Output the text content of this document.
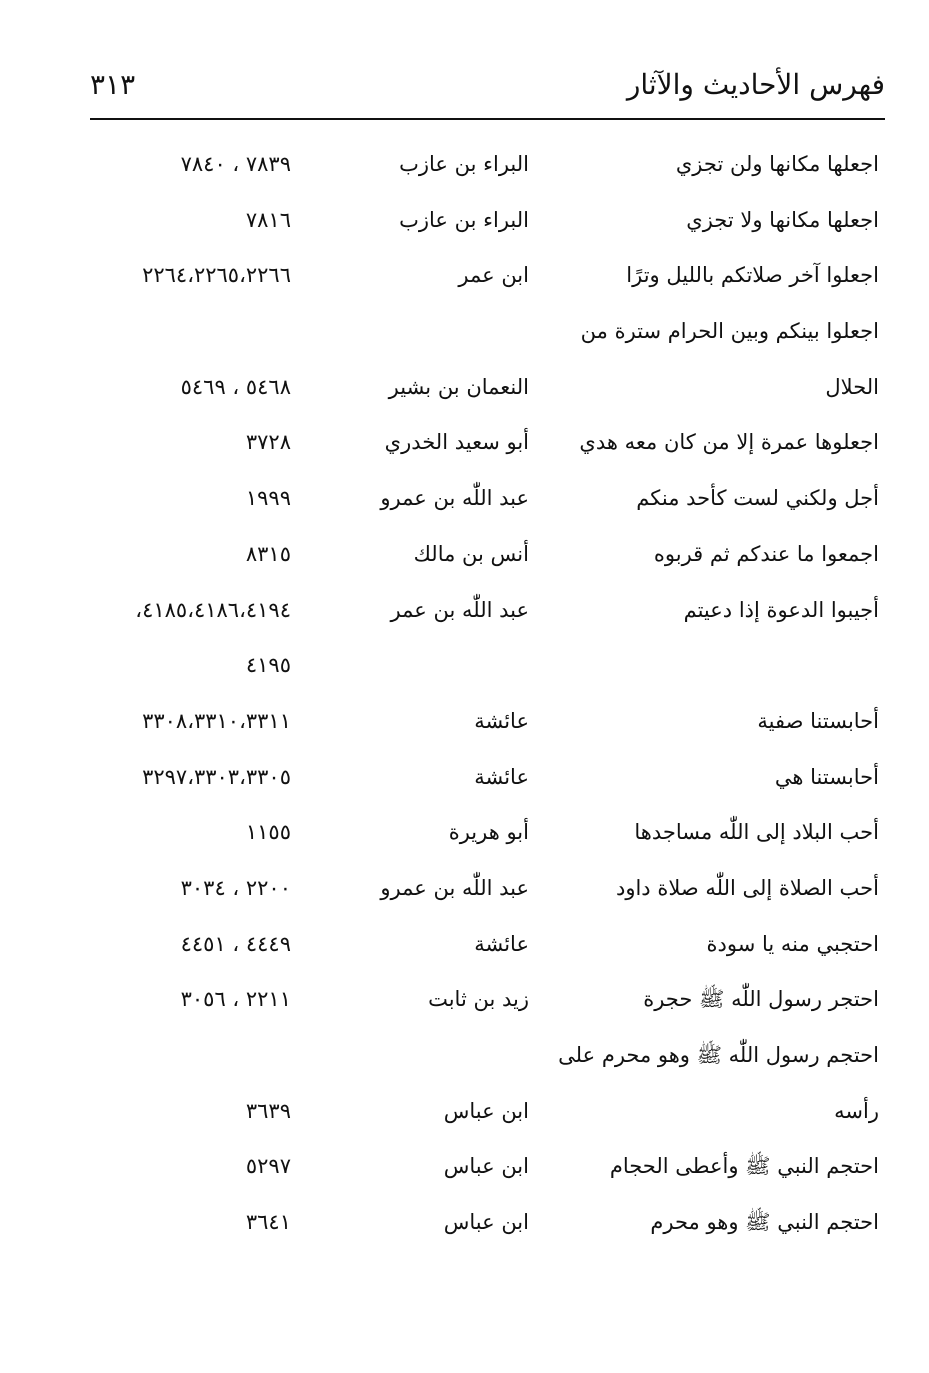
فهرس الأحاديث والآثار
٣١٣
اجعلها مكانها ولن تجزي
البراء بن عازب
٧٨٣٩ ، ٧٨٤٠
اجعلها مكانها ولا تجزي
البراء بن عازب
٧٨١٦
اجعلوا آخر صلاتكم بالليل وترًا
ابن عمر
٢٢٦٤،٢٢٦٥،٢٢٦٦
اجعلوا بينكم وبين الحرام سترة من
الحلال
النعمان بن بشير
٥٤٦٨ ، ٥٤٦٩
اجعلوها عمرة إلا من كان معه هدي
أبو سعيد الخدري
٣٧٢٨
أجل ولكني لست كأحد منكم
عبد اللّٰه بن عمرو
١٩٩٩
اجمعوا ما عندكم ثم قربوه
أنس بن مالك
٨٣١٥
أجيبوا الدعوة إذا دعيتم
عبد اللّٰه بن عمر
٤١٨٥،٤١٨٦،٤١٩٤،
٤١٩٥
أحابستنا صفية
عائشة
٣٣٠٨،٣٣١٠،٣٣١١
أحابستنا هي
عائشة
٣٢٩٧،٣٣٠٣،٣٣٠٥
أحب البلاد إلى اللّٰه مساجدها
أبو هريرة
١١٥٥
أحب الصلاة إلى اللّٰه صلاة داود
عبد اللّٰه بن عمرو
٢٢٠٠ ، ٣٠٣٤
احتجبي منه يا سودة
عائشة
٤٤٤٩ ، ٤٤٥١
احتجر رسول اللّٰه ﷺ حجرة
زيد بن ثابت
٢٢١١ ، ٣٠٥٦
احتجم رسول اللّٰه ﷺ وهو محرم على
رأسه
ابن عباس
٣٦٣٩
احتجم النبي ﷺ وأعطى الحجام
ابن عباس
٥٢٩٧
احتجم النبي ﷺ وهو محرم
ابن عباس
٣٦٤١
